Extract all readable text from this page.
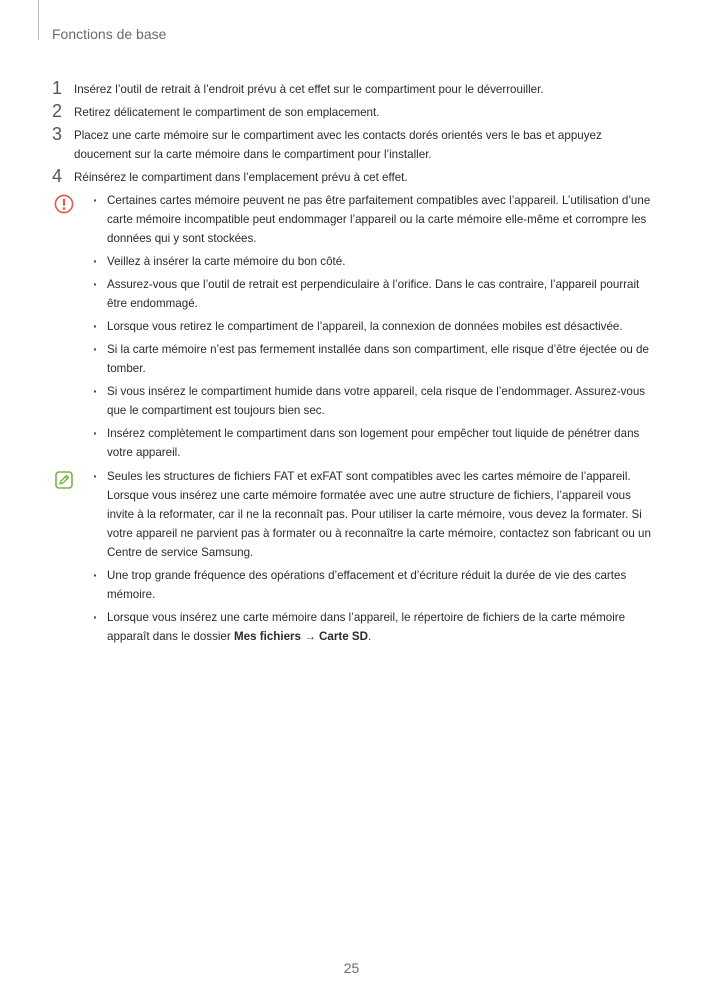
Fonctions de base
1 Insérez l’outil de retrait à l’endroit prévu à cet effet sur le compartiment pour le déverrouiller.
2 Retirez délicatement le compartiment de son emplacement.
3 Placez une carte mémoire sur le compartiment avec les contacts dorés orientés vers le bas et appuyez doucement sur la carte mémoire dans le compartiment pour l’installer.
4 Réinsérez le compartiment dans l’emplacement prévu à cet effet.
· Certaines cartes mémoire peuvent ne pas être parfaitement compatibles avec l’appareil. L’utilisation d’une carte mémoire incompatible peut endommager l’appareil ou la carte mémoire elle-même et corrompre les données qui y sont stockées.
· Veillez à insérer la carte mémoire du bon côté.
· Assurez-vous que l’outil de retrait est perpendiculaire à l’orifice. Dans le cas contraire, l’appareil pourrait être endommagé.
· Lorsque vous retirez le compartiment de l’appareil, la connexion de données mobiles est désactivée.
· Si la carte mémoire n’est pas fermement installée dans son compartiment, elle risque d’être éjectée ou de tomber.
· Si vous insérez le compartiment humide dans votre appareil, cela risque de l’endommager. Assurez-vous que le compartiment est toujours bien sec.
· Insérez complètement le compartiment dans son logement pour empêcher tout liquide de pénétrer dans votre appareil.
· Seules les structures de fichiers FAT et exFAT sont compatibles avec les cartes mémoire de l’appareil. Lorsque vous insérez une carte mémoire formatée avec une autre structure de fichiers, l’appareil vous invite à la reformater, car il ne la reconnaît pas. Pour utiliser la carte mémoire, vous devez la formater. Si votre appareil ne parvient pas à formater ou à reconnaître la carte mémoire, contactez son fabricant ou un Centre de service Samsung.
· Une trop grande fréquence des opérations d’effacement et d’écriture réduit la durée de vie des cartes mémoire.
· Lorsque vous insérez une carte mémoire dans l’appareil, le répertoire de fichiers de la carte mémoire apparaît dans le dossier Mes fichiers → Carte SD.
25
